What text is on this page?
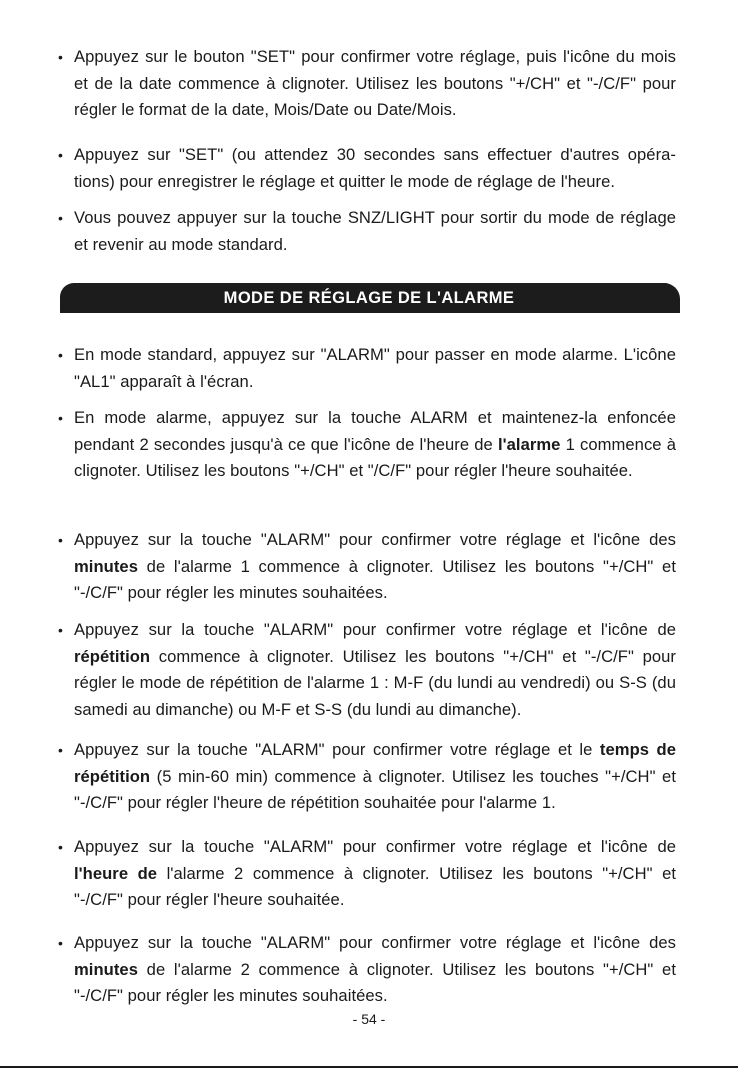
• Appuyez sur le bouton "SET" pour confirmer votre réglage, puis l'icône du mois et de la date commence à clignoter. Utilisez les boutons "+/CH" et "-/C/F" pour régler le format de la date, Mois/Date ou Date/Mois.
• Appuyez sur "SET" (ou attendez 30 secondes sans effectuer d'autres opéra-tions) pour enregistrer le réglage et quitter le mode de réglage de l'heure.
• Vous pouvez appuyer sur la touche SNZ/LIGHT pour sortir du mode de réglage et revenir au mode standard.
MODE DE RÉGLAGE DE L'ALARME
• En mode standard, appuyez sur "ALARM" pour passer en mode alarme. L'icône "AL1" apparaît à l'écran.
• En mode alarme, appuyez sur la touche ALARM et maintenez-la enfoncée pendant 2 secondes jusqu'à ce que l'icône de l'heure de l'alarme 1 commence à clignoter. Utilisez les boutons "+/CH" et "/C/F" pour régler l'heure souhaitée.
• Appuyez sur la touche "ALARM" pour confirmer votre réglage et l'icône des minutes de l'alarme 1 commence à clignoter. Utilisez les boutons "+/CH" et "-/C/F" pour régler les minutes souhaitées.
• Appuyez sur la touche "ALARM" pour confirmer votre réglage et l'icône de répétition commence à clignoter. Utilisez les boutons "+/CH" et "-/C/F" pour régler le mode de répétition de l'alarme 1 : M-F (du lundi au vendredi) ou S-S (du samedi au dimanche) ou M-F et S-S (du lundi au dimanche).
• Appuyez sur la touche "ALARM" pour confirmer votre réglage et le temps de répétition (5 min-60 min) commence à clignoter. Utilisez les touches "+/CH" et "-/C/F" pour régler l'heure de répétition souhaitée pour l'alarme 1.
• Appuyez sur la touche "ALARM" pour confirmer votre réglage et l'icône de l'heure de l'alarme 2 commence à clignoter. Utilisez les boutons "+/CH" et "-/C/F" pour régler l'heure souhaitée.
• Appuyez sur la touche "ALARM" pour confirmer votre réglage et l'icône des minutes de l'alarme 2 commence à clignoter. Utilisez les boutons "+/CH" et "-/C/F" pour régler les minutes souhaitées.
- 54 -
